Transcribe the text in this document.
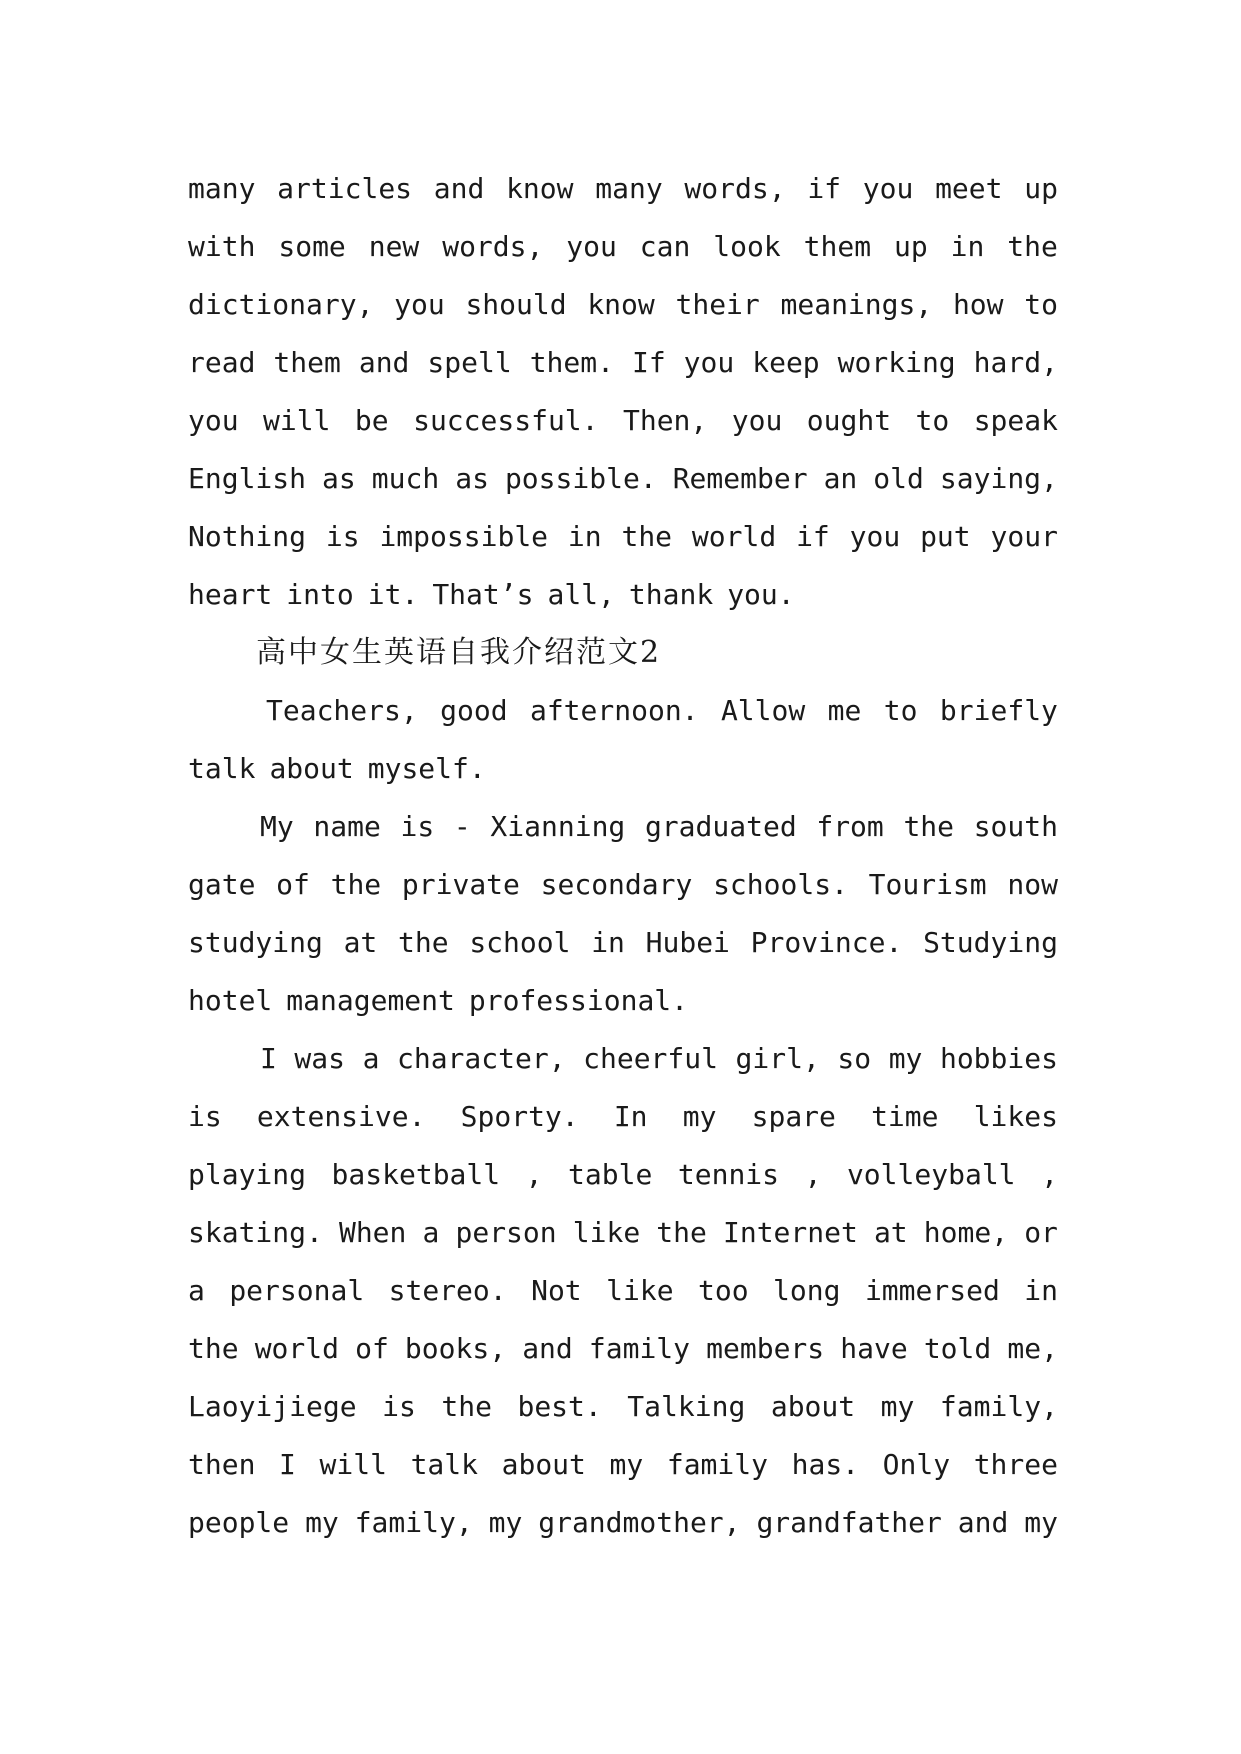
many articles and know many words, if you meet up
with some new words, you can look them up in the
dictionary, you should know their meanings, how to
read them and spell them. If you keep working hard,
you will be successful. Then, you ought to speak
English as much as possible. Remember an old saying,
Nothing is impossible in the world if you put your
heart into it. That’s all, thank you.
高中女生英语自我介绍范文2
Teachers, good afternoon. Allow me to briefly
talk about myself.
My name is - Xianning graduated from the south
gate of the private secondary schools. Tourism now
studying at the school in Hubei Province. Studying
hotel management professional.
I was a character, cheerful girl, so my hobbies
is extensive. Sporty. In my spare time likes
playing basketball , table tennis , volleyball ,
skating. When a person like the Internet at home, or
a personal stereo. Not like too long immersed in
the world of books, and family members have told me,
Laoyijiege is the best. Talking about my family,
then I will talk about my family has. Only three
people my family, my grandmother, grandfather and my
